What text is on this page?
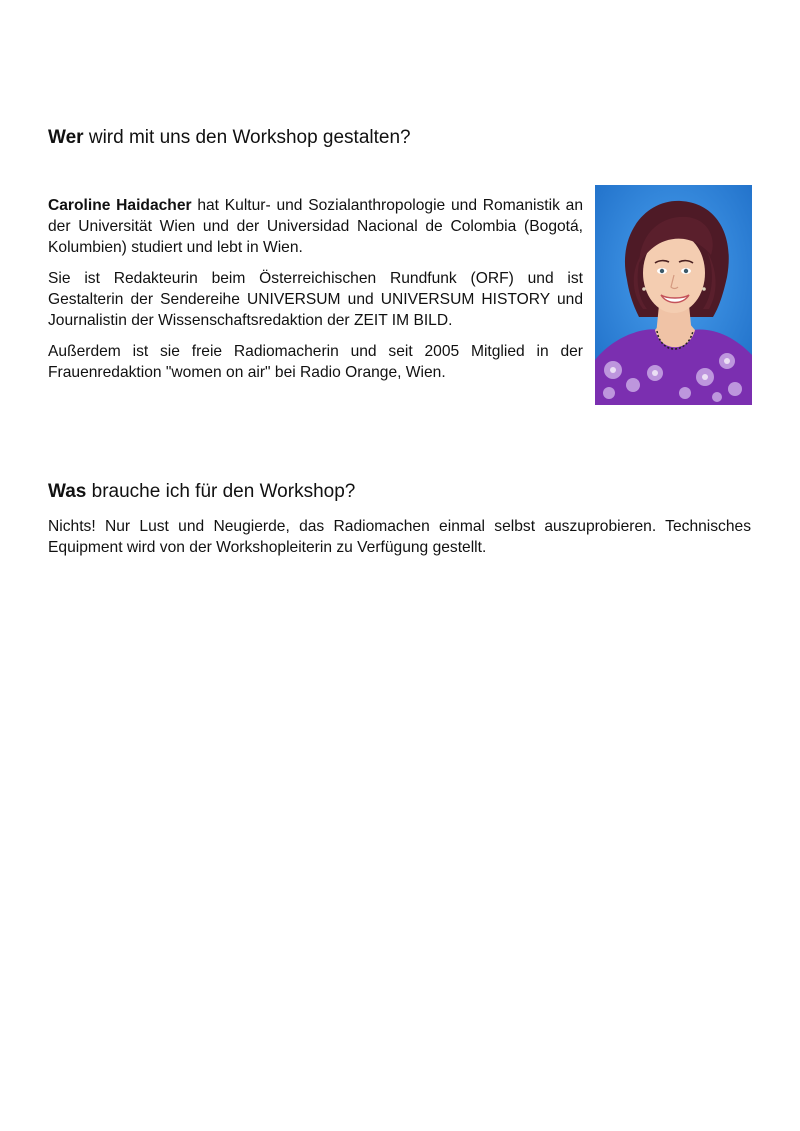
Wer wird mit uns den Workshop gestalten?

Caroline Haidacher hat Kultur- und Sozialanthropologie und Romanistik an der Universität Wien und der Universidad Nacional de Colombia (Bogotá, Kolumbien) studiert und lebt in Wien.

Sie ist Redakteurin beim Österreichischen Rundfunk (ORF) und ist Gestalterin der Sendereihe UNIVERSUM und UNIVERSUM HISTORY und Journalistin der Wissenschaftsredaktion der ZEIT IM BILD.

Außerdem ist sie freie Radiomacherin und seit 2005 Mitglied in der Frauenredaktion "women on air" bei Radio Orange, Wien.

Was brauche ich für den Workshop?

Nichts! Nur Lust und Neugierde, das Radiomachen einmal selbst auszuprobieren. Technisches Equipment wird von der Workshopleiterin zu Verfügung gestellt.
